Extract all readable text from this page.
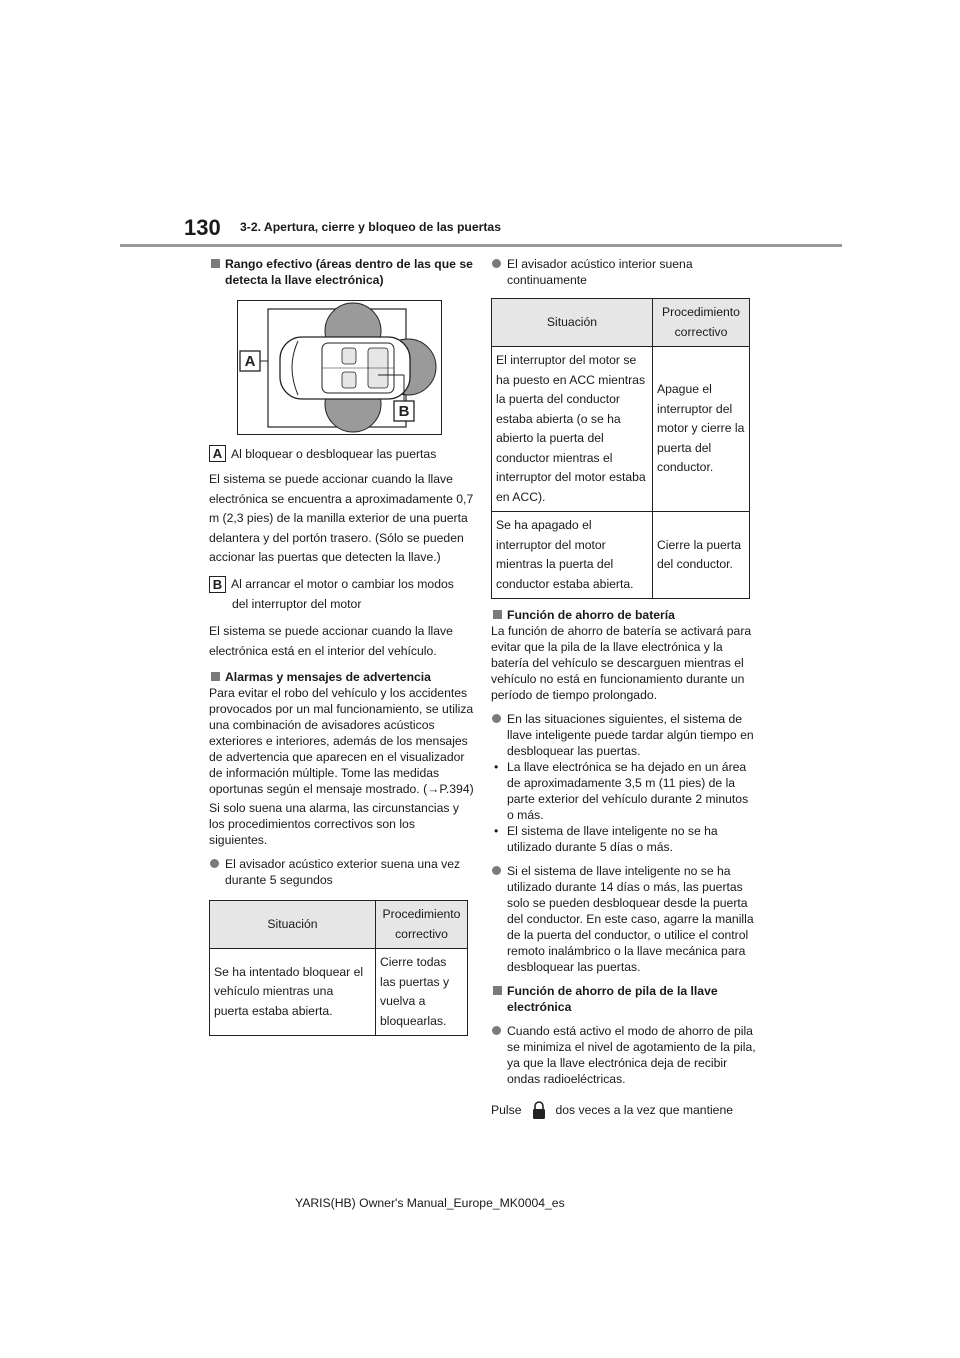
130 3-2. Apertura, cierre y bloqueo de las puertas

Rango efectivo (áreas dentro de las que se detecta la llave electrónica)

A
B

A Al bloquear o desbloquear las puertas

El sistema se puede accionar cuando la llave electrónica se encuentra a aproximadamente 0,7 m (2,3 pies) de la manilla exterior de una puerta delantera y del portón trasero. (Sólo se pueden accionar las puertas que detecten la llave.)

B Al arrancar el motor o cambiar los modos

del interruptor del motor

El sistema se puede accionar cuando la llave electrónica está en el interior del vehículo.

Alarmas y mensajes de advertencia

Para evitar el robo del vehículo y los accidentes provocados por un mal funcionamiento, se utiliza una combinación de avisadores acústicos exteriores e interiores, además de los mensajes de advertencia que aparecen en el visualizador de información múltiple. Tome las medidas oportunas según el mensaje mostrado. (→P.394)

Si solo suena una alarma, las circunstancias y los procedimientos correctivos son los siguientes.

El avisador acústico exterior suena una vez durante 5 segundos

Situación	Procedimiento correctivo
Se ha intentado bloquear el vehículo mientras una puerta estaba abierta.	Cierre todas las puertas y vuelva a bloquearlas.

El avisador acústico interior suena continuamente

Situación	Procedimiento correctivo
El interruptor del motor se ha puesto en ACC mientras la puerta del conductor estaba abierta (o se ha abierto la puerta del conductor mientras el interruptor del motor estaba en ACC).	Apague el interruptor del motor y cierre la puerta del conductor.
Se ha apagado el interruptor del motor mientras la puerta del conductor estaba abierta.	Cierre la puerta del conductor.

Función de ahorro de batería

La función de ahorro de batería se activará para evitar que la pila de la llave electrónica y la batería del vehículo se descarguen mientras el vehículo no está en funcionamiento durante un período de tiempo prolongado.

En las situaciones siguientes, el sistema de llave inteligente puede tardar algún tiempo en desbloquear las puertas.

• La llave electrónica se ha dejado en un área de aproximadamente 3,5 m (11 pies) de la parte exterior del vehículo durante 2 minutos o más.

• El sistema de llave inteligente no se ha utilizado durante 5 días o más.

Si el sistema de llave inteligente no se ha utilizado durante 14 días o más, las puertas solo se pueden desbloquear desde la puerta del conductor. En este caso, agarre la manilla de la puerta del conductor, o utilice el control remoto inalámbrico o la llave mecánica para desbloquear las puertas.

Función de ahorro de pila de la llave electrónica

Cuando está activo el modo de ahorro de pila se minimiza el nivel de agotamiento de la pila, ya que la llave electrónica deja de recibir ondas radioeléctricas.

Pulse	dos veces a la vez que mantiene
YARIS(HB) Owner's Manual_Europe_MK0004_es
